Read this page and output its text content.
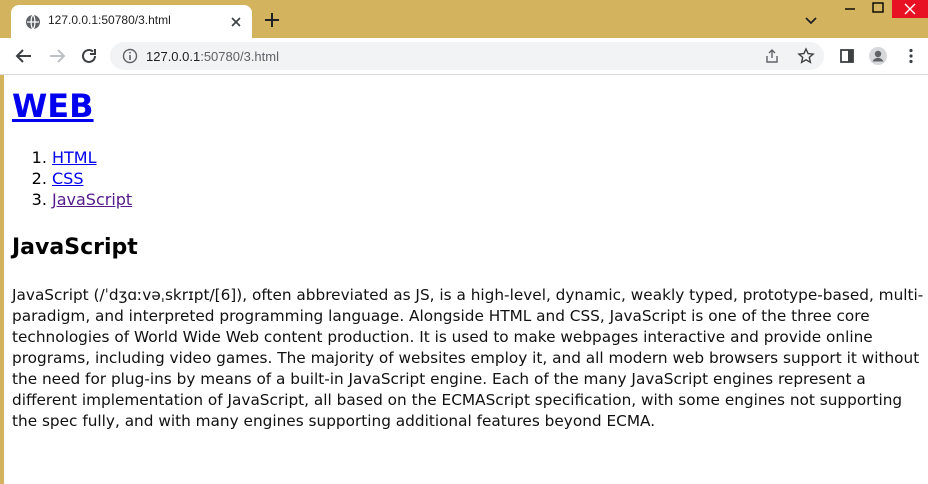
127.0.0.1:50780/3.html
127.0.0.1:50780/3.html
WEB
1. HTML
2. CSS
3. JavaScript
JavaScript

JavaScript (/ˈdʒɑːvəˌskrɪpt/[6]), often abbreviated as JS, is a high-level, dynamic, weakly typed, prototype-based, multi-paradigm, and interpreted programming language. Alongside HTML and CSS, JavaScript is one of the three core technologies of World Wide Web content production. It is used to make webpages interactive and provide online programs, including video games. The majority of websites employ it, and all modern web browsers support it without the need for plug-ins by means of a built-in JavaScript engine. Each of the many JavaScript engines represent a different implementation of JavaScript, all based on the ECMAScript specification, with some engines not supporting the spec fully, and with many engines supporting additional features beyond ECMA.
